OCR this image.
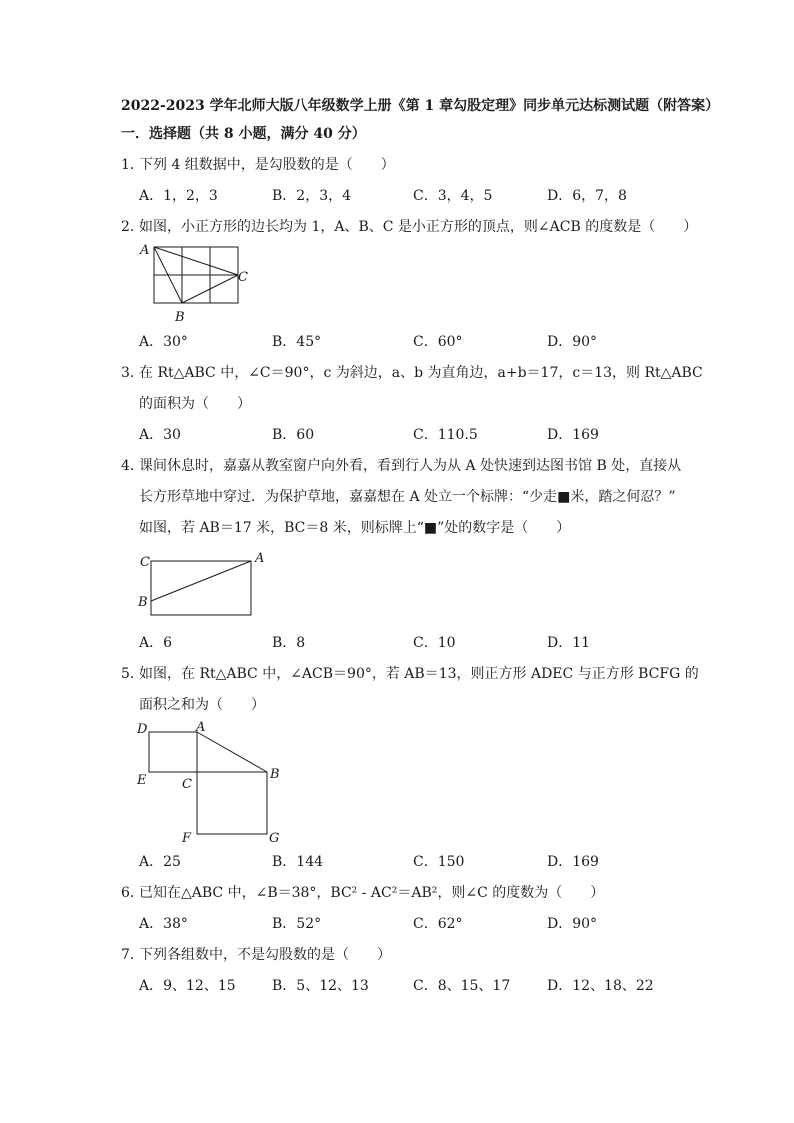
2022-2023 学年北师大版八年级数学上册《第 1 章勾股定理》同步单元达标测试题（附答案）
一．选择题（共 8 小题，满分 40 分）
1．
下列 4 组数据中，是勾股数的是（　　）
A．1，2，3	B．2，3，4	C．3，4，5	D．6，7，8
2．
如图，小正方形的边长均为 1，A、B、C 是小正方形的顶点，则∠ACB 的度数是（　　）
A
C
B
A．30°	B．45°	C．60°	D．90°
3．
在 Rt△ABC 中，∠C＝90°，c 为斜边，a、b 为直角边，a+b＝17，c＝13，则 Rt△ABC
的面积为（　　）
A．30	B．60	C．110.5	D．169
4．
课间休息时，嘉嘉从教室窗户向外看，看到行人为从 A 处快速到达图书馆 B 处，直接从
长方形草地中穿过．为保护草地，嘉嘉想在 A 处立一个标牌：“少走■米，踏之何忍？”
如图，若 AB＝17 米，BC＝8 米，则标牌上“■”处的数字是（　　）
C	A
B
A．6	B．8	C．10	D．11
5．
如图，在 Rt△ABC 中，∠ACB＝90°，若 AB＝13，则正方形 ADEC 与正方形 BCFG 的
面积之和为（　　）
D	A
B
E	C
F	G
A．25	B．144	C．150	D．169
6．
已知在△ABC 中，∠B＝38°，BC² - AC²＝AB²，则∠C 的度数为（　　）
A．38°	B．52°	C．62°	D．90°
7．
下列各组数中，不是勾股数的是（　　）
A．9、12、15	B．5、12、13	C．8、15、17	D．12、18、22
